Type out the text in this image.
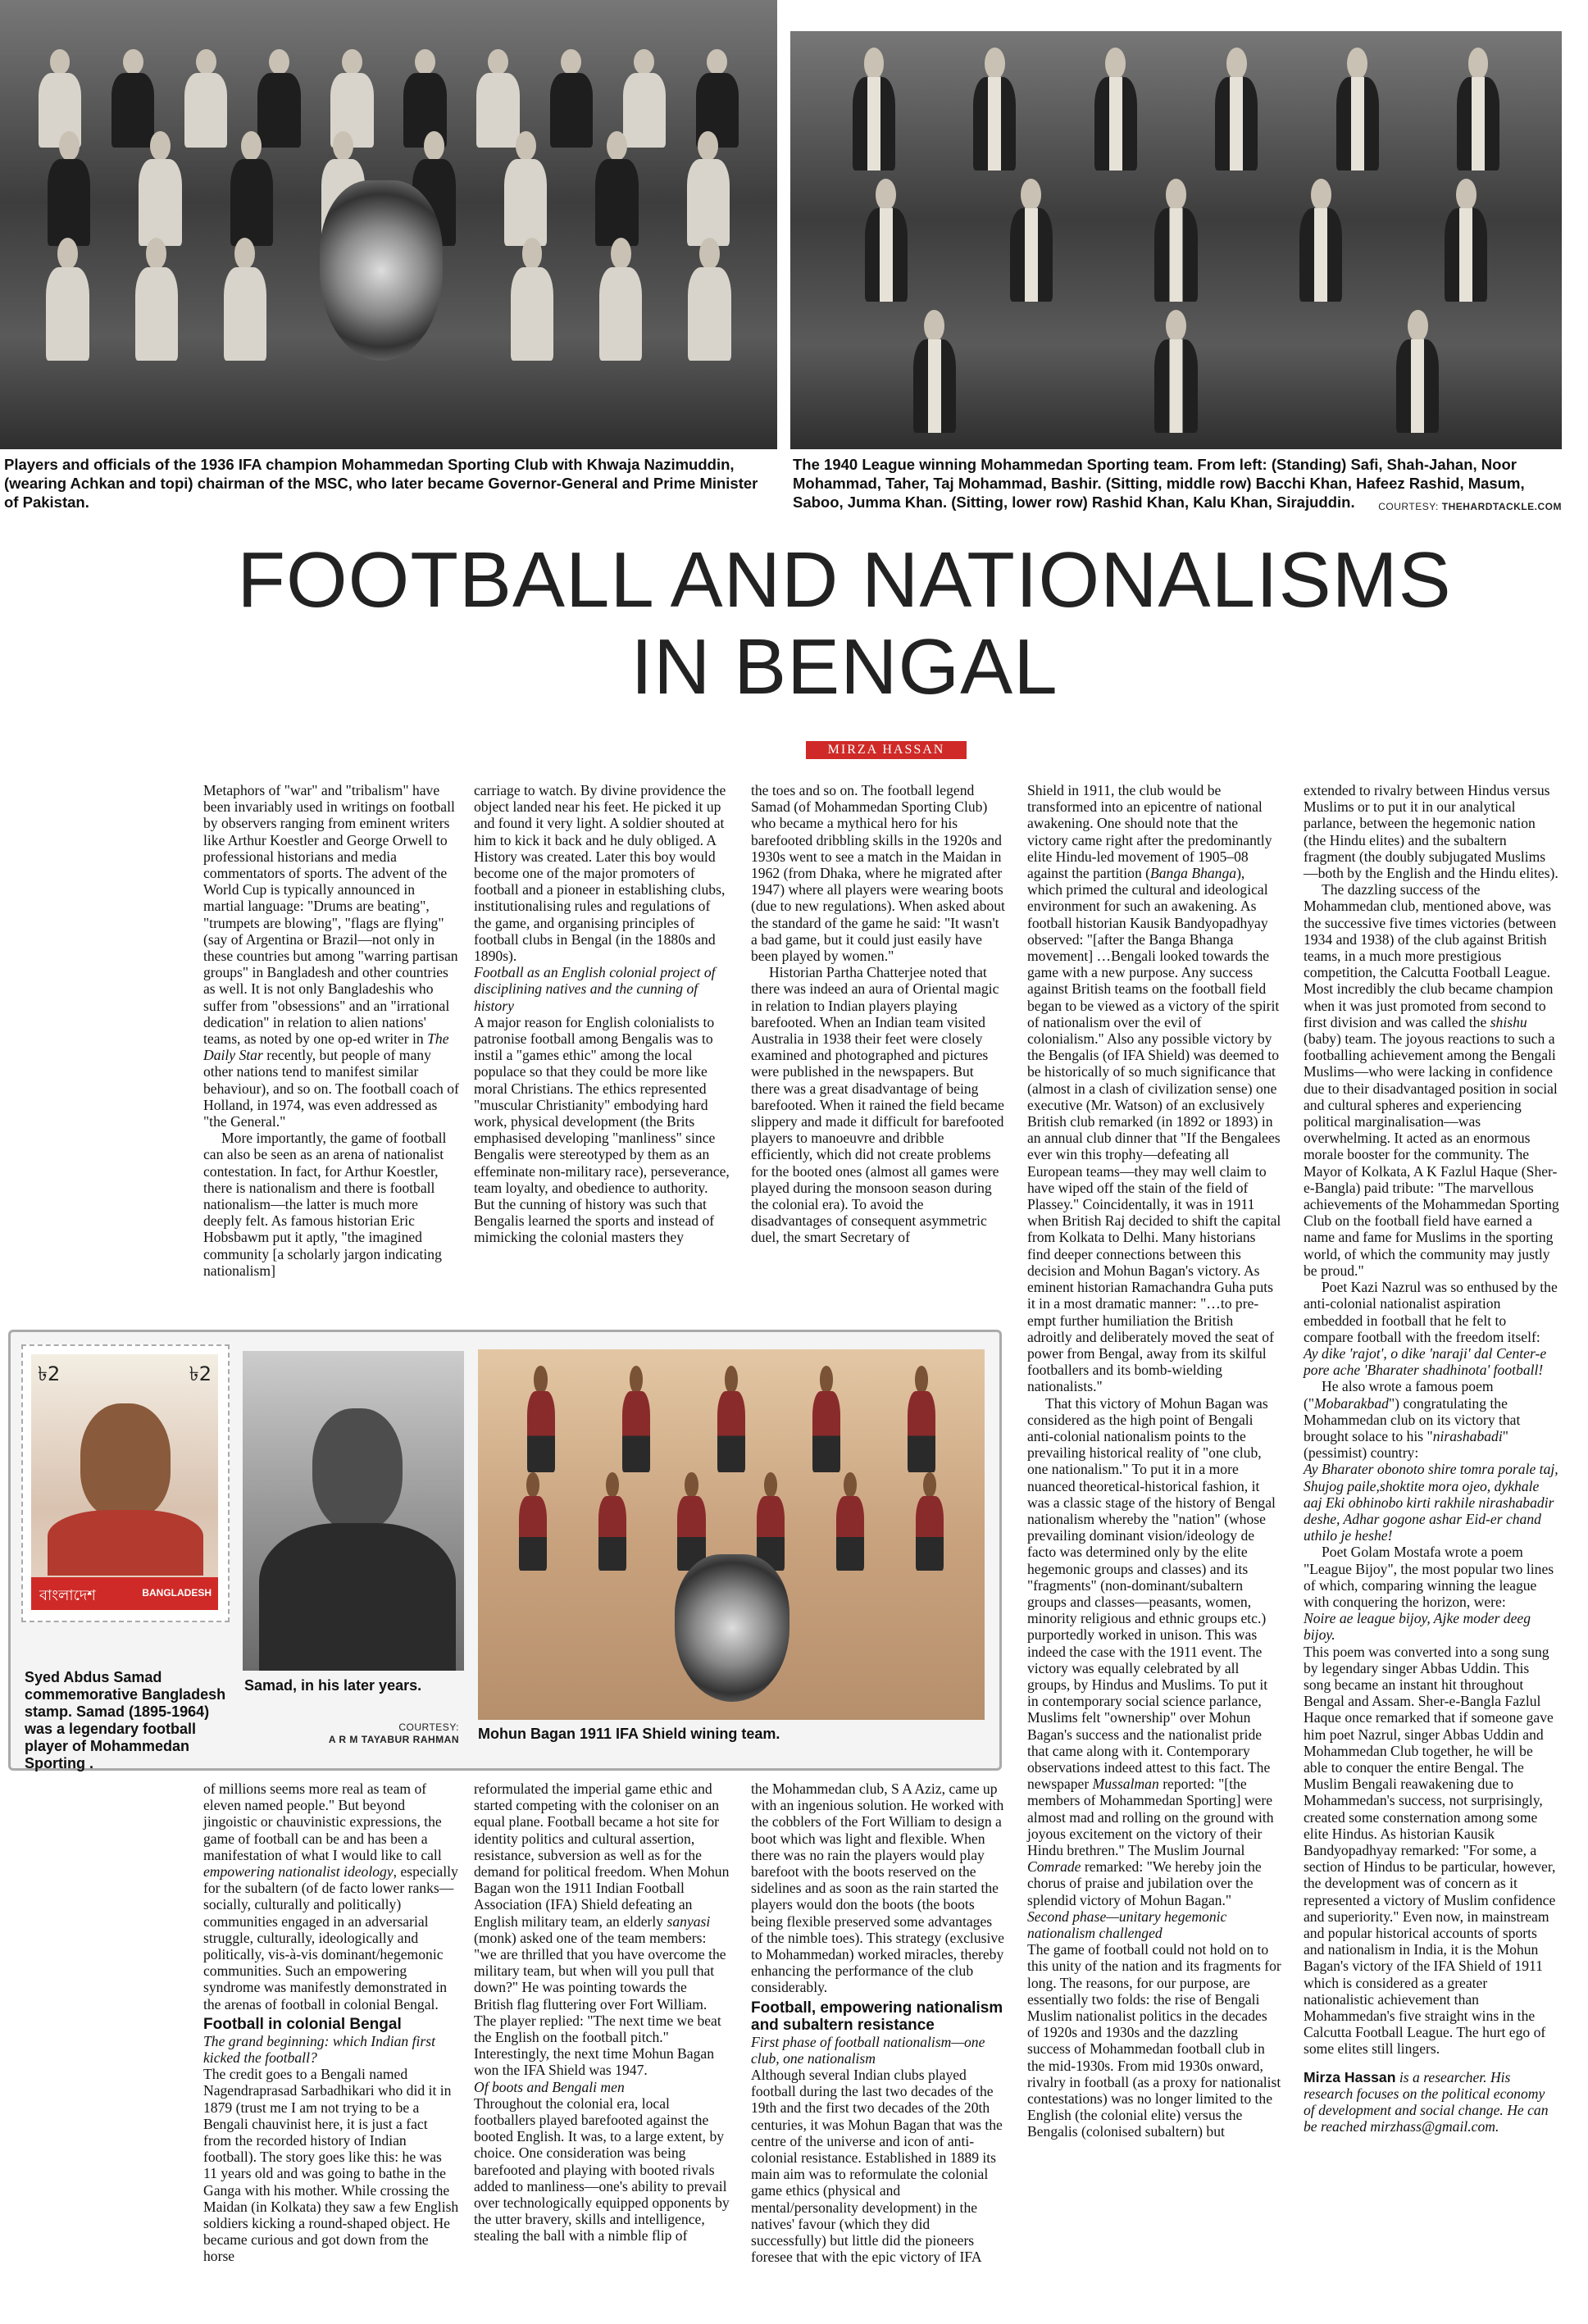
Players and officials of the 1936 IFA champion Mohammedan Sporting Club with Khwaja Nazimuddin, (wearing Achkan and topi) chairman of the MSC, who later became Governor-General and Prime Minister of Pakistan.
The 1940 League winning Mohammedan Sporting team. From left: (Standing) Safi, Shah-Jahan, Noor Mohammad, Taher, Taj Mohammad, Bashir. (Sitting, middle row) Bacchi Khan, Hafeez Rashid, Masum, Saboo, Jumma Khan. (Sitting, lower row) Rashid Khan, Kalu Khan, Sirajuddin.	COURTESY: THEHARDTACKLE.COM
FOOTBALL AND NATIONALISMS
IN BENGAL
MIRZA HASSAN

Metaphors of "war" and "tribalism" have been invariably used in writings on football by observers ranging from eminent writers like Arthur Koestler and George Orwell to professional historians and media commentators of sports. The advent of the World Cup is typically announced in martial language: "Drums are beating", "trumpets are blowing", "flags are flying" (say of Argentina or Brazil—not only in these countries but among "warring partisan groups" in Bangladesh and other countries as well. It is not only Bangladeshis who suffer from "obsessions" and an "irrational dedication" in relation to alien nations' teams, as noted by one op-ed writer in The Daily Star recently, but people of many other nations tend to manifest similar behaviour), and so on. The football coach of Holland, in 1974, was even addressed as "the General."

More importantly, the game of football can also be seen as an arena of nationalist contestation. In fact, for Arthur Koestler, there is nationalism and there is football nationalism—the latter is much more deeply felt. As famous historian Eric Hobsbawm put it aptly, "the imagined community [a scholarly jargon indicating nationalism]

carriage to watch. By divine providence the object landed near his feet. He picked it up and found it very light. A soldier shouted at him to kick it back and he duly obliged. A History was created. Later this boy would become one of the major promoters of football and a pioneer in establishing clubs, institutionalising rules and regulations of the game, and organising principles of football clubs in Bengal (in the 1880s and 1890s).

Football as an English colonial project of disciplining natives and the cunning of history

A major reason for English colonialists to patronise football among Bengalis was to instil a "games ethic" among the local populace so that they could be more like moral Christians. The ethics represented "muscular Christianity" embodying hard work, physical development (the Brits emphasised developing "manliness" since Bengalis were stereotyped by them as an effeminate non-military race), perseverance, team loyalty, and obedience to authority. But the cunning of history was such that Bengalis learned the sports and instead of mimicking the colonial masters they

the toes and so on. The football legend Samad (of Mohammedan Sporting Club) who became a mythical hero for his barefooted dribbling skills in the 1920s and 1930s went to see a match in the Maidan in 1962 (from Dhaka, where he migrated after 1947) where all players were wearing boots (due to new regulations). When asked about the standard of the game he said: "It wasn't a bad game, but it could just easily have been played by women."

Historian Partha Chatterjee noted that there was indeed an aura of Oriental magic in relation to Indian players playing barefooted. When an Indian team visited Australia in 1938 their feet were closely examined and photographed and pictures were published in the newspapers. But there was a great disadvantage of being barefooted. When it rained the field became slippery and made it difficult for barefooted players to manoeuvre and dribble efficiently, which did not create problems for the booted ones (almost all games were played during the monsoon season during the colonial era). To avoid the disadvantages of consequent asymmetric duel, the smart Secretary of

৳2	৳2
বাংলাদেশ	BANGLADESH
Syed Abdus Samad commemorative Bangladesh stamp. Samad (1895-1964) was a legendary football player of Mohammedan Sporting .
Samad, in his later years.
COURTESY:
A R M TAYABUR RAHMAN Mohun Bagan 1911 IFA Shield wining team.

Shield in 1911, the club would be transformed into an epicentre of national awakening. One should note that the victory came right after the predominantly elite Hindu-led movement of 1905–08 against the partition (Banga Bhanga), which primed the cultural and ideological environment for such an awakening. As football historian Kausik Bandyopadhyay observed: "[after the Banga Bhanga movement] …Bengali looked towards the game with a new purpose. Any success against British teams on the football field began to be viewed as a victory of the spirit of nationalism over the evil of colonialism." Also any possible victory by the Bengalis (of IFA Shield) was deemed to be historically of so much significance that (almost in a clash of civilization sense) one executive (Mr. Watson) of an exclusively British club remarked (in 1892 or 1893) in an annual club dinner that "If the Bengalees ever win this trophy—defeating all European teams—they may well claim to have wiped off the stain of the field of Plassey." Coincidentally, it was in 1911 when British Raj decided to shift the capital from Kolkata to Delhi. Many historians find deeper connections between this decision and Mohun Bagan's victory. As eminent historian Ramachandra Guha puts it in a most dramatic manner: "…to pre-empt further humiliation the British adroitly and deliberately moved the seat of power from Bengal, away from its skilful footballers and its bomb-wielding nationalists."

That this victory of Mohun Bagan was considered as the high point of Bengali anti-colonial nationalism points to the prevailing historical reality of "one club, one nationalism." To put it in a more nuanced theoretical-historical fashion, it was a classic stage of the history of Bengal nationalism whereby the "nation" (whose prevailing dominant vision/ideology de facto was determined only by the elite hegemonic groups and classes) and its "fragments" (non-dominant/subaltern groups and classes—peasants, women, minority religious and ethnic groups etc.) purportedly worked in unison. This was indeed the case with the 1911 event. The victory was equally celebrated by all groups, by Hindus and Muslims. To put it in contemporary social science parlance, Muslims felt "ownership" over Mohun Bagan's success and the nationalist pride that came along with it. Contemporary observations indeed attest to this fact. The newspaper Mussalman reported: "[the members of Mohammedan Sporting] were almost mad and rolling on the ground with joyous excitement on the victory of their Hindu brethren." The Muslim Journal Comrade remarked: "We hereby join the chorus of praise and jubilation over the splendid victory of Mohun Bagan."

Second phase—unitary hegemonic nationalism challenged

The game of football could not hold on to this unity of the nation and its fragments for long. The reasons, for our purpose, are essentially two folds: the rise of Bengali Muslim nationalist politics in the decades of 1920s and 1930s and the dazzling success of Mohammedan football club in the mid-1930s. From mid 1930s onward, rivalry in football (as a proxy for nationalist contestations) was no longer limited to the English (the colonial elite) versus the Bengalis (colonised subaltern) but

extended to rivalry between Hindus versus Muslims or to put it in our analytical parlance, between the hegemonic nation (the Hindu elites) and the subaltern fragment (the doubly subjugated Muslims—both by the English and the Hindu elites).

The dazzling success of the Mohammedan club, mentioned above, was the successive five times victories (between 1934 and 1938) of the club against British teams, in a much more prestigious competition, the Calcutta Football League. Most incredibly the club became champion when it was just promoted from second to first division and was called the shishu (baby) team. The joyous reactions to such a footballing achievement among the Bengali Muslims—who were lacking in confidence due to their disadvantaged position in social and cultural spheres and experiencing political marginalisation—was overwhelming. It acted as an enormous morale booster for the community. The Mayor of Kolkata, A K Fazlul Haque (Sher-e-Bangla) paid tribute: "The marvellous achievements of the Mohammedan Sporting Club on the football field have earned a name and fame for Muslims in the sporting world, of which the community may justly be proud."

Poet Kazi Nazrul was so enthused by the anti-colonial nationalist aspiration embedded in football that he felt to compare football with the freedom itself:

Ay dike 'rajot', o dike 'naraji' dal Center-e pore ache 'Bharater shadhinota' football!

He also wrote a famous poem ("Mobarakbad") congratulating the Mohammedan club on its victory that brought solace to his "nirashabadi" (pessimist) country:

Ay Bharater obonoto shire tomra porale taj, Shujog paile,shoktite mora ojeo, dykhale aaj Eki obhinobo kirti rakhile nirashabadir deshe, Adhar gogone ashar Eid-er chand uthilo je heshe!

Poet Golam Mostafa wrote a poem "League Bijoy", the most popular two lines of which, comparing winning the league with conquering the horizon, were:

Noire ae league bijoy, Ajke moder deeg bijoy.

This poem was converted into a song sung by legendary singer Abbas Uddin. This song became an instant hit throughout Bengal and Assam. Sher-e-Bangla Fazlul Haque once remarked that if someone gave him poet Nazrul, singer Abbas Uddin and Mohammedan Club together, he will be able to conquer the entire Bengal. The Muslim Bengali reawakening due to Mohammedan's success, not surprisingly, created some consternation among some elite Hindus. As historian Kausik Bandyopadhyay remarked: "For some, a section of Hindus to be particular, however, the development was of concern as it represented a victory of Muslim confidence and superiority." Even now, in mainstream and popular historical accounts of sports and nationalism in India, it is the Mohun Bagan's victory of the IFA Shield of 1911 which is considered as a greater nationalistic achievement than Mohammedan's five straight wins in the Calcutta Football League. The hurt ego of some elites still lingers.

Mirza Hassan is a researcher. His research focuses on the political economy of development and social change. He can be reached mirzhass@gmail.com.

of millions seems more real as team of eleven named people." But beyond jingoistic or chauvinistic expressions, the game of football can be and has been a manifestation of what I would like to call empowering nationalist ideology, especially for the subaltern (of de facto lower ranks—socially, culturally and politically) communities engaged in an adversarial struggle, culturally, ideologically and politically, vis-à-vis dominant/hegemonic communities. Such an empowering syndrome was manifestly demonstrated in the arenas of football in colonial Bengal.

Football in colonial Bengal
The grand beginning: which Indian first kicked the football?

The credit goes to a Bengali named Nagendraprasad Sarbadhikari who did it in 1879 (trust me I am not trying to be a Bengali chauvinist here, it is just a fact from the recorded history of Indian football). The story goes like this: he was 11 years old and was going to bathe in the Ganga with his mother. While crossing the Maidan (in Kolkata) they saw a few English soldiers kicking a round-shaped object. He became curious and got down from the horse

reformulated the imperial game ethic and started competing with the coloniser on an equal plane. Football became a hot site for identity politics and cultural assertion, resistance, subversion as well as for the demand for political freedom. When Mohun Bagan won the 1911 Indian Football Association (IFA) Shield defeating an English military team, an elderly sanyasi (monk) asked one of the team members: "we are thrilled that you have overcome the military team, but when will you pull that down?" He was pointing towards the British flag fluttering over Fort William. The player replied: "The next time we beat the English on the football pitch." Interestingly, the next time Mohun Bagan won the IFA Shield was 1947.

Of boots and Bengali men

Throughout the colonial era, local footballers played barefooted against the booted English. It was, to a large extent, by choice. One consideration was being barefooted and playing with booted rivals added to manliness—one's ability to prevail over technologically equipped opponents by the utter bravery, skills and intelligence, stealing the ball with a nimble flip of

the Mohammedan club, S A Aziz, came up with an ingenious solution. He worked with the cobblers of the Fort William to design a boot which was light and flexible. When there was no rain the players would play barefoot with the boots reserved on the sidelines and as soon as the rain started the players would don the boots (the boots being flexible preserved some advantages of the nimble toes). This strategy (exclusive to Mohammedan) worked miracles, thereby enhancing the performance of the club considerably.

Football, empowering nationalism and subaltern resistance
First phase of football nationalism—one club, one nationalism

Although several Indian clubs played football during the last two decades of the 19th and the first two decades of the 20th centuries, it was Mohun Bagan that was the centre of the universe and icon of anti-colonial resistance. Established in 1889 its main aim was to reformulate the colonial game ethics (physical and mental/personality development) in the natives' favour (which they did successfully) but little did the pioneers foresee that with the epic victory of IFA
